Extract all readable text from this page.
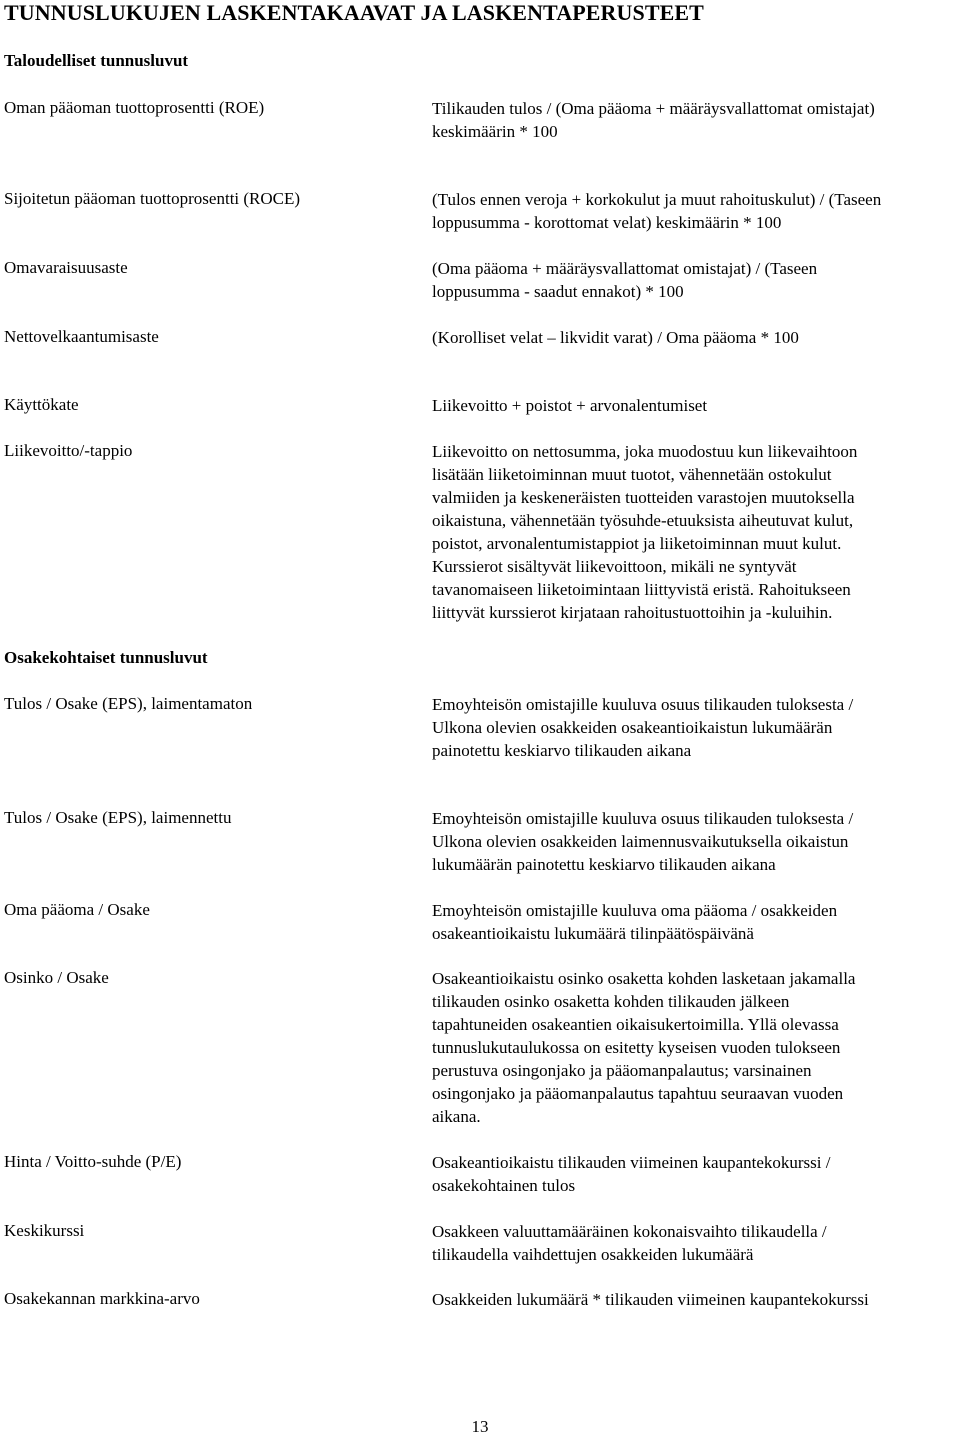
TUNNUSLUKUJEN LASKENTAKAAVAT JA LASKENTAPERUSTEET
Taloudelliset tunnusluvut
Oman pääoman tuottoprosentti (ROE)	Tilikauden tulos / (Oma pääoma + määräysvallattomat omistajat)
keskimäärin * 100
Sijoitetun pääoman tuottoprosentti (ROCE)	(Tulos ennen veroja + korkokulut ja muut rahoituskulut) / (Taseen
loppusumma - korottomat velat) keskimäärin * 100
Omavaraisuusaste	(Oma pääoma + määräysvallattomat omistajat) / (Taseen
loppusumma - saadut ennakot) * 100
Nettovelkaantumisaste	(Korolliset velat – likvidit varat) / Oma pääoma * 100
Käyttökate	Liikevoitto + poistot + arvonalentumiset
Liikevoitto/-tappio	Liikevoitto on nettosumma, joka muodostuu kun liikevaihtoon
lisätään liiketoiminnan muut tuotot, vähennetään ostokulut
valmiiden ja keskeneräisten tuotteiden varastojen muutoksella
oikaistuna, vähennetään työsuhde-etuuksista aiheutuvat kulut,
poistot, arvonalentumistappiot ja liiketoiminnan muut kulut.
Kurssierot sisältyvät liikevoittoon, mikäli ne syntyvät
tavanomaiseen liiketoimintaan liittyvistä eristä. Rahoitukseen
liittyvät kurssierot kirjataan rahoitustuottoihin ja -kuluihin.
Osakekohtaiset tunnusluvut
Tulos / Osake (EPS), laimentamaton	Emoyhteisön omistajille kuuluva osuus tilikauden tuloksesta /
Ulkona olevien osakkeiden osakeantioikaistun lukumäärän
painotettu keskiarvo tilikauden aikana
Tulos / Osake (EPS), laimennettu	Emoyhteisön omistajille kuuluva osuus tilikauden tuloksesta /
Ulkona olevien osakkeiden laimennusvaikutuksella oikaistun
lukumäärän painotettu keskiarvo tilikauden aikana
Oma pääoma / Osake	Emoyhteisön omistajille kuuluva oma pääoma / osakkeiden
osakeantioikaistu lukumäärä tilinpäätöspäivänä
Osinko / Osake	Osakeantioikaistu osinko osaketta kohden lasketaan jakamalla
tilikauden osinko osaketta kohden tilikauden jälkeen
tapahtuneiden osakeantien oikaisukertoimilla. Yllä olevassa
tunnuslukutaulukossa on esitetty kyseisen vuoden tulokseen
perustuva osingonjako ja pääomanpalautus; varsinainen
osingonjako ja pääomanpalautus tapahtuu seuraavan vuoden
aikana.
Hinta / Voitto-suhde (P/E)	Osakeantioikaistu tilikauden viimeinen kaupantekokurssi /
osakekohtainen tulos
Keskikurssi	Osakkeen valuuttamääräinen kokonaisvaihto tilikaudella /
tilikaudella vaihdettujen osakkeiden lukumäärä
Osakekannan markkina-arvo	Osakkeiden lukumäärä * tilikauden viimeinen kaupantekokurssi
13
